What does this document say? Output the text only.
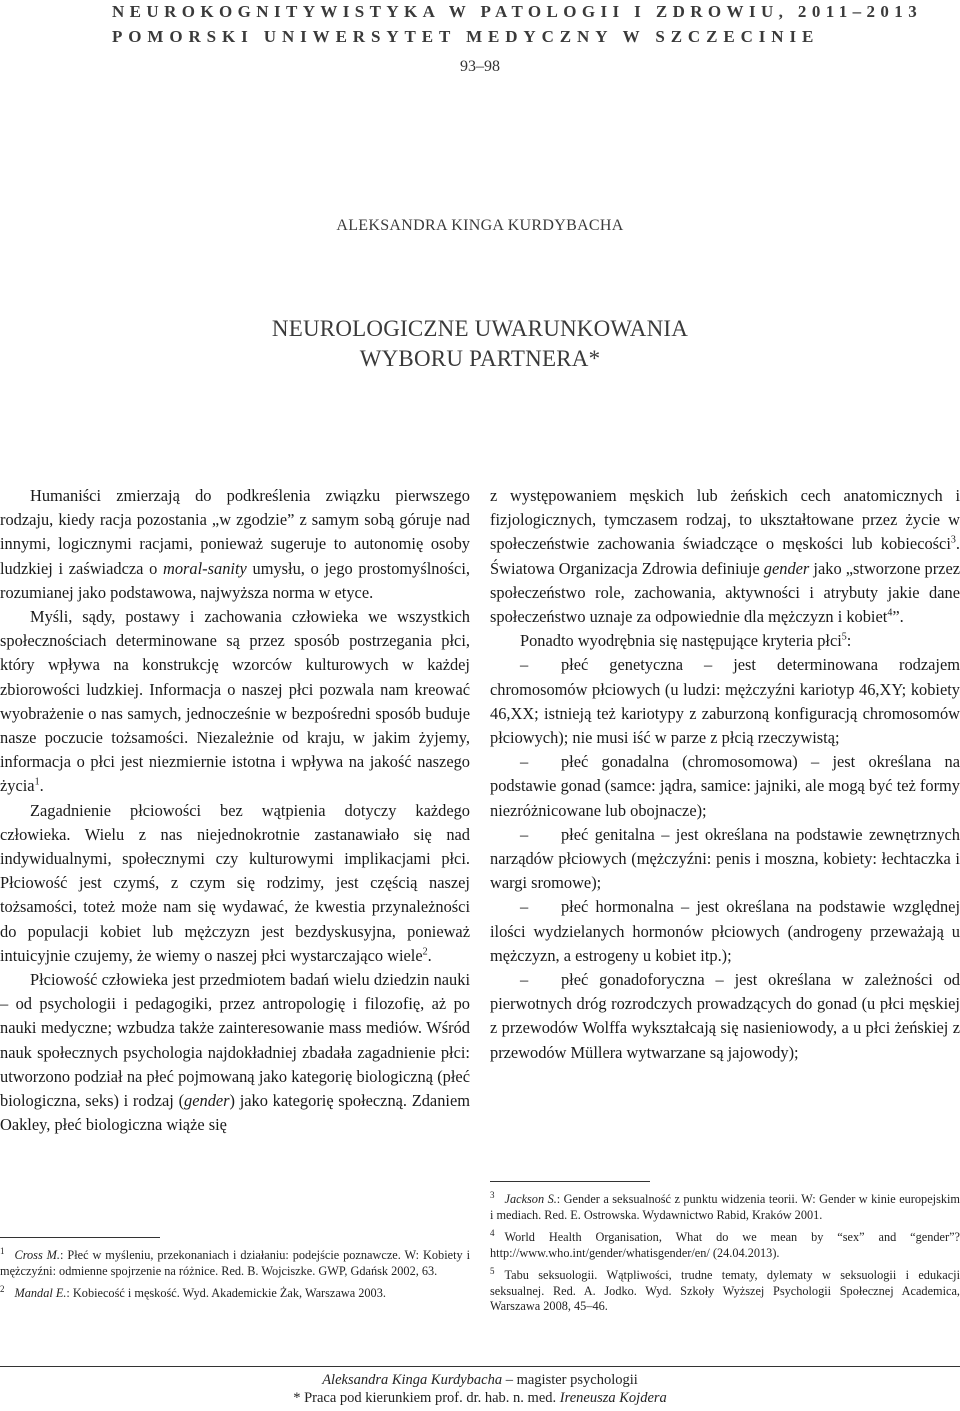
NEUROKOGNITYWISTYKA W PATOLOGII I ZDROWIU, 2011–2013
POMORSKI UNIWERSYTET MEDYCZNY W SZCZECINIE
93–98
ALEKSANDRA KINGA KURDYBACHA
NEUROLOGICZNE UWARUNKOWANIA
WYBORU PARTNERA*

Humaniści zmierzają do podkreślenia związku pierwszego rodzaju, kiedy racja pozostania „w zgodzie” z samym sobą góruje nad innymi, logicznymi racjami, ponieważ sugeruje to autonomię osoby ludzkiej i zaświadcza o moral-sanity umysłu, o jego prostomyślności, rozumianej jako podstawowa, najwyższa norma w etyce.

Myśli, sądy, postawy i zachowania człowieka we wszystkich społecznościach determinowane są przez sposób postrzegania płci, który wpływa na konstrukcję wzorców kulturowych w każdej zbiorowości ludzkiej. Informacja o naszej płci pozwala nam kreować wyobrażenie o nas samych, jednocześnie w bezpośredni sposób buduje nasze poczucie tożsamości. Niezależnie od kraju, w jakim żyjemy, informacja o płci jest niezmiernie istotna i wpływa na jakość naszego życia$^1$.

Zagadnienie płciowości bez wątpienia dotyczy każdego człowieka. Wielu z nas niejednokrotnie zastanawiało się nad indywidualnymi, społecznymi czy kulturowymi implikacjami płci. Płciowość jest czymś, z czym się rodzimy, jest częścią naszej tożsamości, toteż może nam się wydawać, że kwestia przynależności do populacji kobiet lub mężczyzn jest bezdyskusyjna, ponieważ intuicyjnie czujemy, że wiemy o naszej płci wystarczająco wiele$^2$.

Płciowość człowieka jest przedmiotem badań wielu dziedzin nauki – od psychologii i pedagogiki, przez antropologię i filozofię, aż po nauki medyczne; wzbudza także zainteresowanie mass mediów. Wśród nauk społecznych psychologia najdokładniej zbadała zagadnienie płci: utworzono podział na płeć pojmowaną jako kategorię biologiczną (płeć biologiczna, seks) i rodzaj (gender) jako kategorię społeczną. Zdaniem Oakley, płeć biologiczna wiąże się

z występowaniem męskich lub żeńskich cech anatomicznych i fizjologicznych, tymczasem rodzaj, to ukształtowane przez życie w społeczeństwie zachowania świadczące o męskości lub kobiecości$^3$. Światowa Organizacja Zdrowia definiuje gender jako „stworzone przez społeczeństwo role, zachowania, aktywności i atrybuty jakie dane społeczeństwo uznaje za odpowiednie dla mężczyzn i kobiet$^4$”.

Ponadto wyodrębnia się następujące kryteria płci$^5$:

–  płeć genetyczna – jest determinowana rodzajem chromosomów płciowych (u ludzi: mężczyźni kariotyp 46,XY; kobiety 46,XX; istnieją też kariotypy z zaburzoną konfiguracją chromosomów płciowych); nie musi iść w parze z płcią rzeczywistą;

–  płeć gonadalna (chromosomowa) – jest określana na podstawie gonad (samce: jądra, samice: jajniki, ale mogą być też formy niezróżnicowane lub obojnacze);

–  płeć genitalna – jest określana na podstawie zewnętrznych narządów płciowych (mężczyźni: penis i moszna, kobiety: łechtaczka i wargi sromowe);

–  płeć hormonalna – jest określana na podstawie względnej ilości wydzielanych hormonów płciowych (androgeny przeważają u mężczyzn, a estrogeny u kobiet itp.);

–  płeć gonadoforyczna – jest określana w zależności od pierwotnych dróg rozrodczych prowadzących do gonad (u płci męskiej z przewodów Wolffa wykształcają się nasieniowody, a u płci żeńskiej z przewodów Müllera wytwarzane są jajowody);

$^1$ Cross M.: Płeć w myśleniu, przekonaniach i działaniu: podejście poznawcze. W: Kobiety i mężczyźni: odmienne spojrzenie na różnice. Red. B. Wojciszke. GWP, Gdańsk 2002, 63.

$^2$ Mandal E.: Kobiecość i męskość. Wyd. Akademickie Żak, Warszawa 2003.

$^3$ Jackson S.: Gender a seksualność z punktu widzenia teorii. W: Gender w kinie europejskim i mediach. Red. E. Ostrowska. Wydawnictwo Rabid, Kraków 2001.

$^4$ World Health Organisation, What do we mean by “sex” and “gender”? http://www.who.int/gender/whatisgender/en/ (24.04.2013).

$^5$ Tabu seksuologii. Wątpliwości, trudne tematy, dylematy w seksuologii i edukacji seksualnej. Red. A. Jodko. Wyd. Szkoły Wyższej Psychologii Społecznej Academica, Warszawa 2008, 45–46.

Aleksandra Kinga Kurdybacha – magister psychologii
* Praca pod kierunkiem prof. dr. hab. n. med. Ireneusza Kojdera
